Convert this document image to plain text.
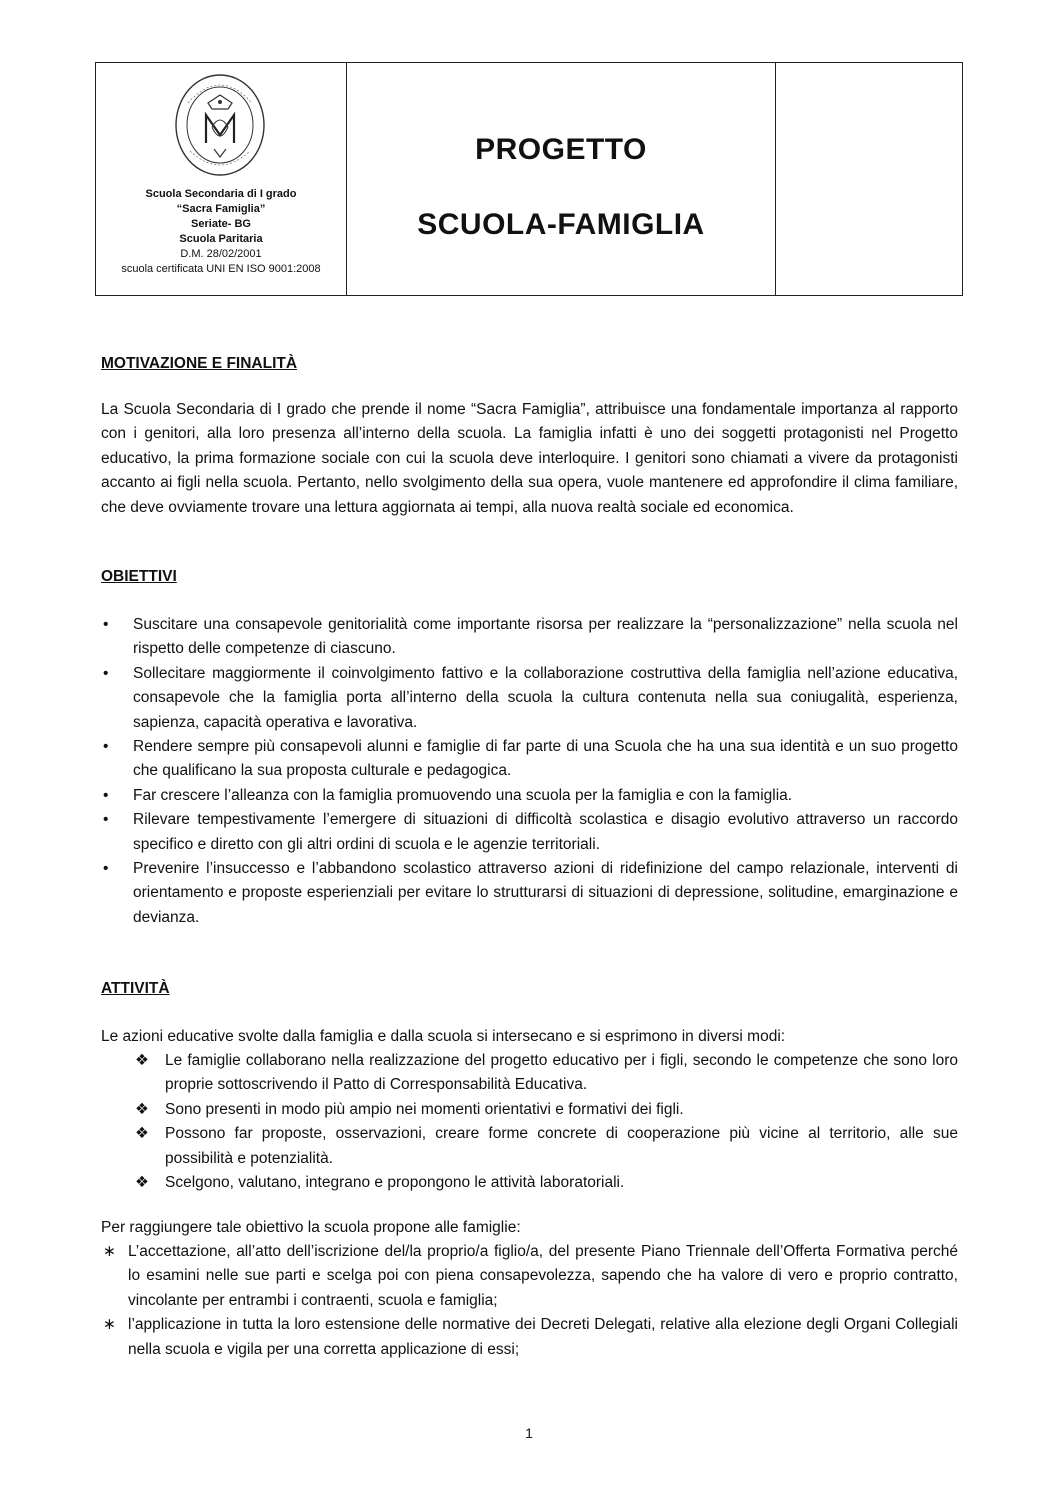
Scuola Secondaria di I grado
“Sacra Famiglia”
Seriate- BG
Scuola Paritaria
D.M. 28/02/2001
scuola certificata UNI EN ISO 9001:2008
PROGETTO
SCUOLA-FAMIGLIA
MOTIVAZIONE E FINALITÀ
La Scuola Secondaria di I grado che prende il nome “Sacra Famiglia”, attribuisce una fondamentale importanza al rapporto con i genitori, alla loro presenza all’interno della scuola. La famiglia infatti è uno dei soggetti protagonisti nel Progetto educativo, la prima formazione sociale con cui la scuola deve interloquire. I genitori sono chiamati a vivere da protagonisti accanto ai figli nella scuola. Pertanto, nello svolgimento della sua opera, vuole mantenere ed approfondire il clima familiare, che deve ovviamente trovare una lettura aggiornata ai tempi, alla nuova realtà sociale ed economica.
OBIETTIVI
• Suscitare una consapevole genitorialità come importante risorsa per realizzare la “personalizzazione” nella scuola nel rispetto delle competenze di ciascuno.
• Sollecitare maggiormente il coinvolgimento fattivo e la collaborazione costruttiva della famiglia nell’azione educativa, consapevole che la famiglia porta all’interno della scuola la cultura contenuta nella sua coniugalità, esperienza, sapienza, capacità operativa e lavorativa.
• Rendere sempre più consapevoli alunni e famiglie di far parte di una Scuola che ha una sua identità e un suo progetto che qualificano la sua proposta culturale e pedagogica.
• Far crescere l’alleanza con la famiglia promuovendo una scuola per la famiglia e con la famiglia.
• Rilevare tempestivamente l’emergere di situazioni di difficoltà scolastica e disagio evolutivo attraverso un raccordo specifico e diretto con gli altri ordini di scuola e le agenzie territoriali.
• Prevenire l’insuccesso e l’abbandono scolastico attraverso azioni di ridefinizione del campo relazionale, interventi di orientamento e proposte esperienziali per evitare lo strutturarsi di situazioni di depressione, solitudine, emarginazione e devianza.
ATTIVITÀ
Le azioni educative svolte dalla famiglia e dalla scuola si intersecano e si esprimono in diversi modi:
❖ Le famiglie collaborano nella realizzazione del progetto educativo per i figli, secondo le competenze che sono loro proprie sottoscrivendo il Patto di Corresponsabilità Educativa.
❖ Sono presenti in modo più ampio nei momenti orientativi e formativi dei figli.
❖ Possono far proposte, osservazioni, creare forme concrete di cooperazione più vicine al territorio, alle sue possibilità e potenzialità.
❖ Scelgono, valutano, integrano e propongono le attività laboratoriali.
Per raggiungere tale obiettivo la scuola propone alle famiglie:
∗ L’accettazione, all’atto dell’iscrizione del/la proprio/a figlio/a, del presente Piano Triennale dell’Offerta Formativa perché lo esamini nelle sue parti e scelga poi con piena consapevolezza, sapendo che ha valore di vero e proprio contratto, vincolante per entrambi i contraenti, scuola e famiglia;
∗ l’applicazione in tutta la loro estensione delle normative dei Decreti Delegati, relative alla elezione degli Organi Collegiali nella scuola e vigila per una corretta applicazione di essi;
1
